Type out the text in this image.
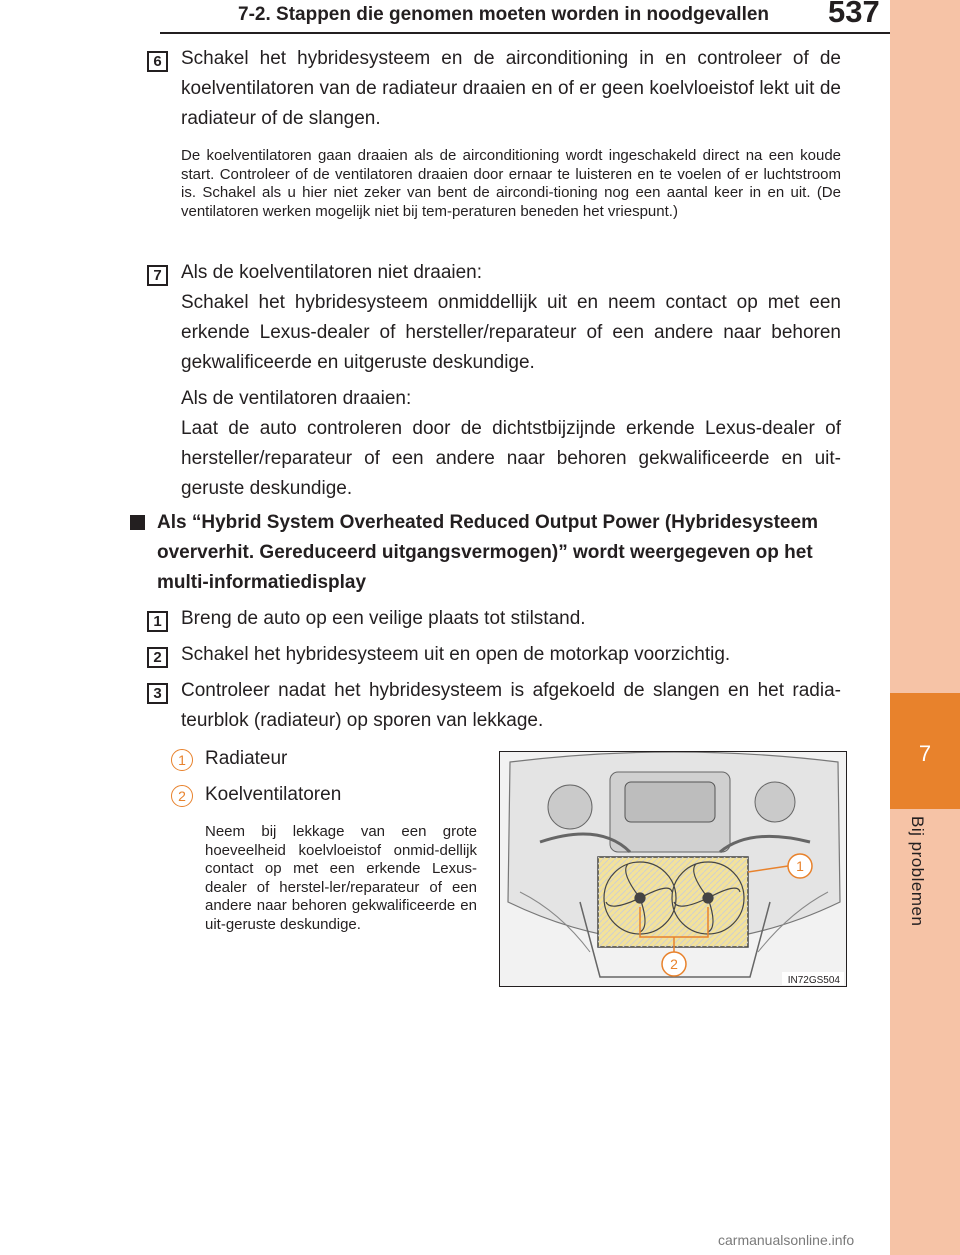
7-2. Stappen die genomen moeten worden in noodgevallen 537
7
Bij problemen
6	Schakel het hybridesysteem en de airconditioning in en controleer of de koelventilatoren van de radiateur draaien en of er geen koelvloeistof lekt uit de radiateur of de slangen.
De koelventilatoren gaan draaien als de airconditioning wordt ingeschakeld direct na een koude start. Controleer of de ventilatoren draaien door ernaar te luisteren en te voelen of er luchtstroom is. Schakel als u hier niet zeker van bent de aircondi-tioning nog een aantal keer in en uit. (De ventilatoren werken mogelijk niet bij tem-peraturen beneden het vriespunt.)
7	Als de koelventilatoren niet draaien:
Schakel het hybridesysteem onmiddellijk uit en neem contact op met een erkende Lexus-dealer of hersteller/reparateur of een andere naar behoren gekwalificeerde en uitgeruste deskundige.
Als de ventilatoren draaien:
Laat de auto controleren door de dichtstbijzijnde erkende Lexus-dealer of hersteller/reparateur of een andere naar behoren gekwalificeerde en uit-geruste deskundige.
Als “Hybrid System Overheated Reduced Output Power (Hybridesysteem oververhit. Gereduceerd uitgangsvermogen)” wordt weergegeven op het multi-informatiedisplay
1	Breng de auto op een veilige plaats tot stilstand.
2	Schakel het hybridesysteem uit en open de motorkap voorzichtig.
3	Controleer nadat het hybridesysteem is afgekoeld de slangen en het radia-teurblok (radiateur) op sporen van lekkage.
1	Radiateur
2	Koelventilatoren
Neem bij lekkage van een grote hoeveelheid koelvloeistof onmid-dellijk contact op met een erkende Lexus-dealer of herstel-ler/reparateur of een andere naar behoren gekwalificeerde en uit-geruste deskundige.
1
2
IN72GS504
carmanualsonline.info
